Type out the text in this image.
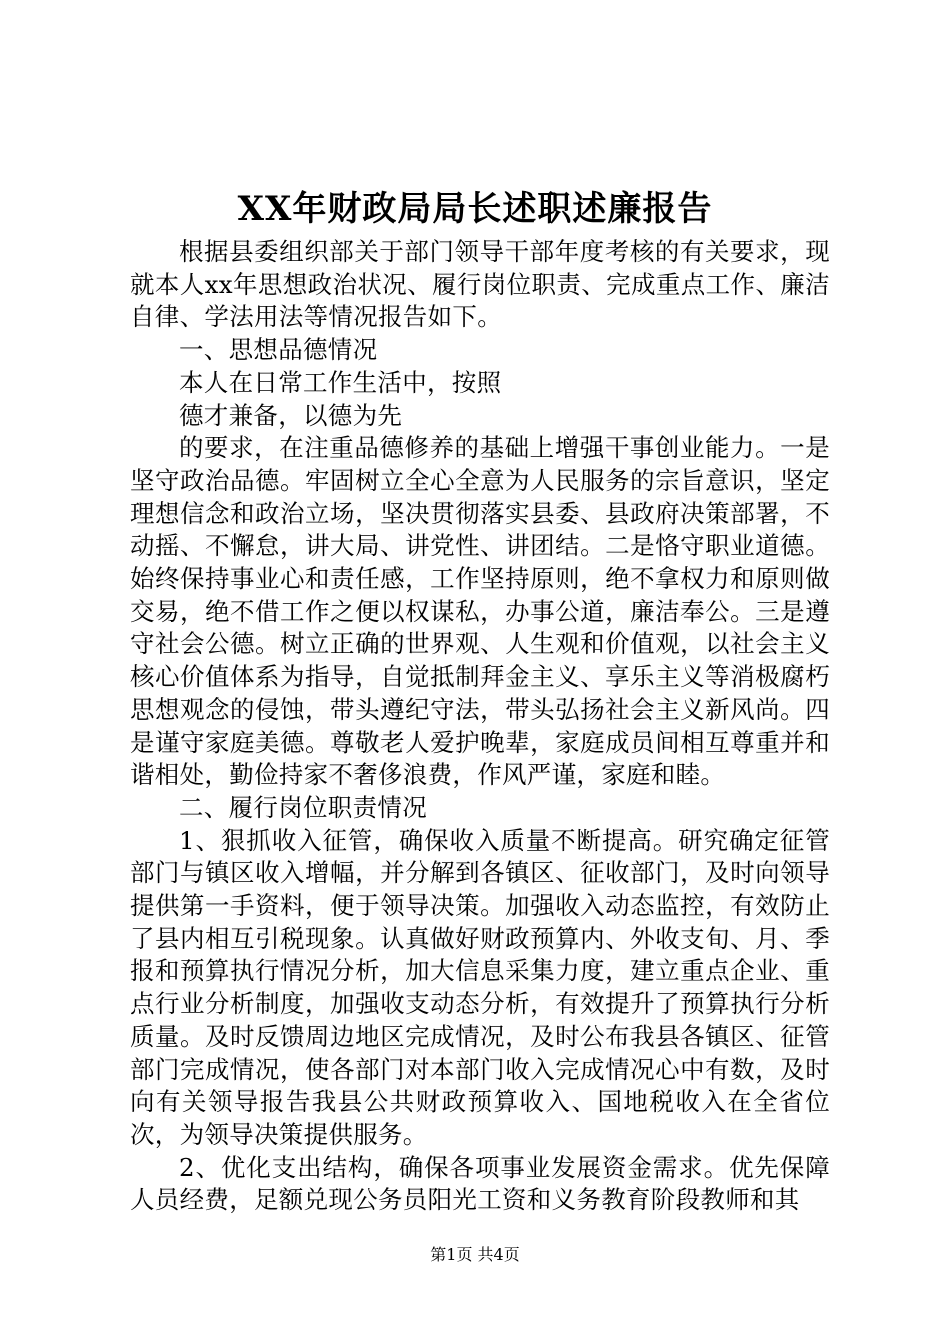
XX年财政局局长述职述廉报告

根据县委组织部关于部门领导干部年度考核的有关要求，现就本人xx年思想政治状况、履行岗位职责、完成重点工作、廉洁自律、学法用法等情况报告如下。

一、思想品德情况

本人在日常工作生活中，按照

德才兼备，以德为先

的要求，在注重品德修养的基础上增强干事创业能力。一是坚守政治品德。牢固树立全心全意为人民服务的宗旨意识，坚定理想信念和政治立场，坚决贯彻落实县委、县政府决策部署，不动摇、不懈怠，讲大局、讲党性、讲团结。二是恪守职业道德。始终保持事业心和责任感，工作坚持原则，绝不拿权力和原则做交易，绝不借工作之便以权谋私，办事公道，廉洁奉公。三是遵守社会公德。树立正确的世界观、人生观和价值观，以社会主义核心价值体系为指导，自觉抵制拜金主义、享乐主义等消极腐朽思想观念的侵蚀，带头遵纪守法，带头弘扬社会主义新风尚。四是谨守家庭美德。尊敬老人爱护晚辈，家庭成员间相互尊重并和谐相处，勤俭持家不奢侈浪费，作风严谨，家庭和睦。

二、履行岗位职责情况

1、狠抓收入征管，确保收入质量不断提高。研究确定征管部门与镇区收入增幅，并分解到各镇区、征收部门，及时向领导提供第一手资料，便于领导决策。加强收入动态监控，有效防止了县内相互引税现象。认真做好财政预算内、外收支旬、月、季报和预算执行情况分析，加大信息采集力度，建立重点企业、重点行业分析制度，加强收支动态分析，有效提升了预算执行分析质量。及时反馈周边地区完成情况，及时公布我县各镇区、征管部门完成情况，使各部门对本部门收入完成情况心中有数，及时向有关领导报告我县公共财政预算收入、国地税收入在全省位次，为领导决策提供服务。

2、优化支出结构，确保各项事业发展资金需求。优先保障人员经费，足额兑现公务员阳光工资和义务教育阶段教师和其

第1页 共4页
